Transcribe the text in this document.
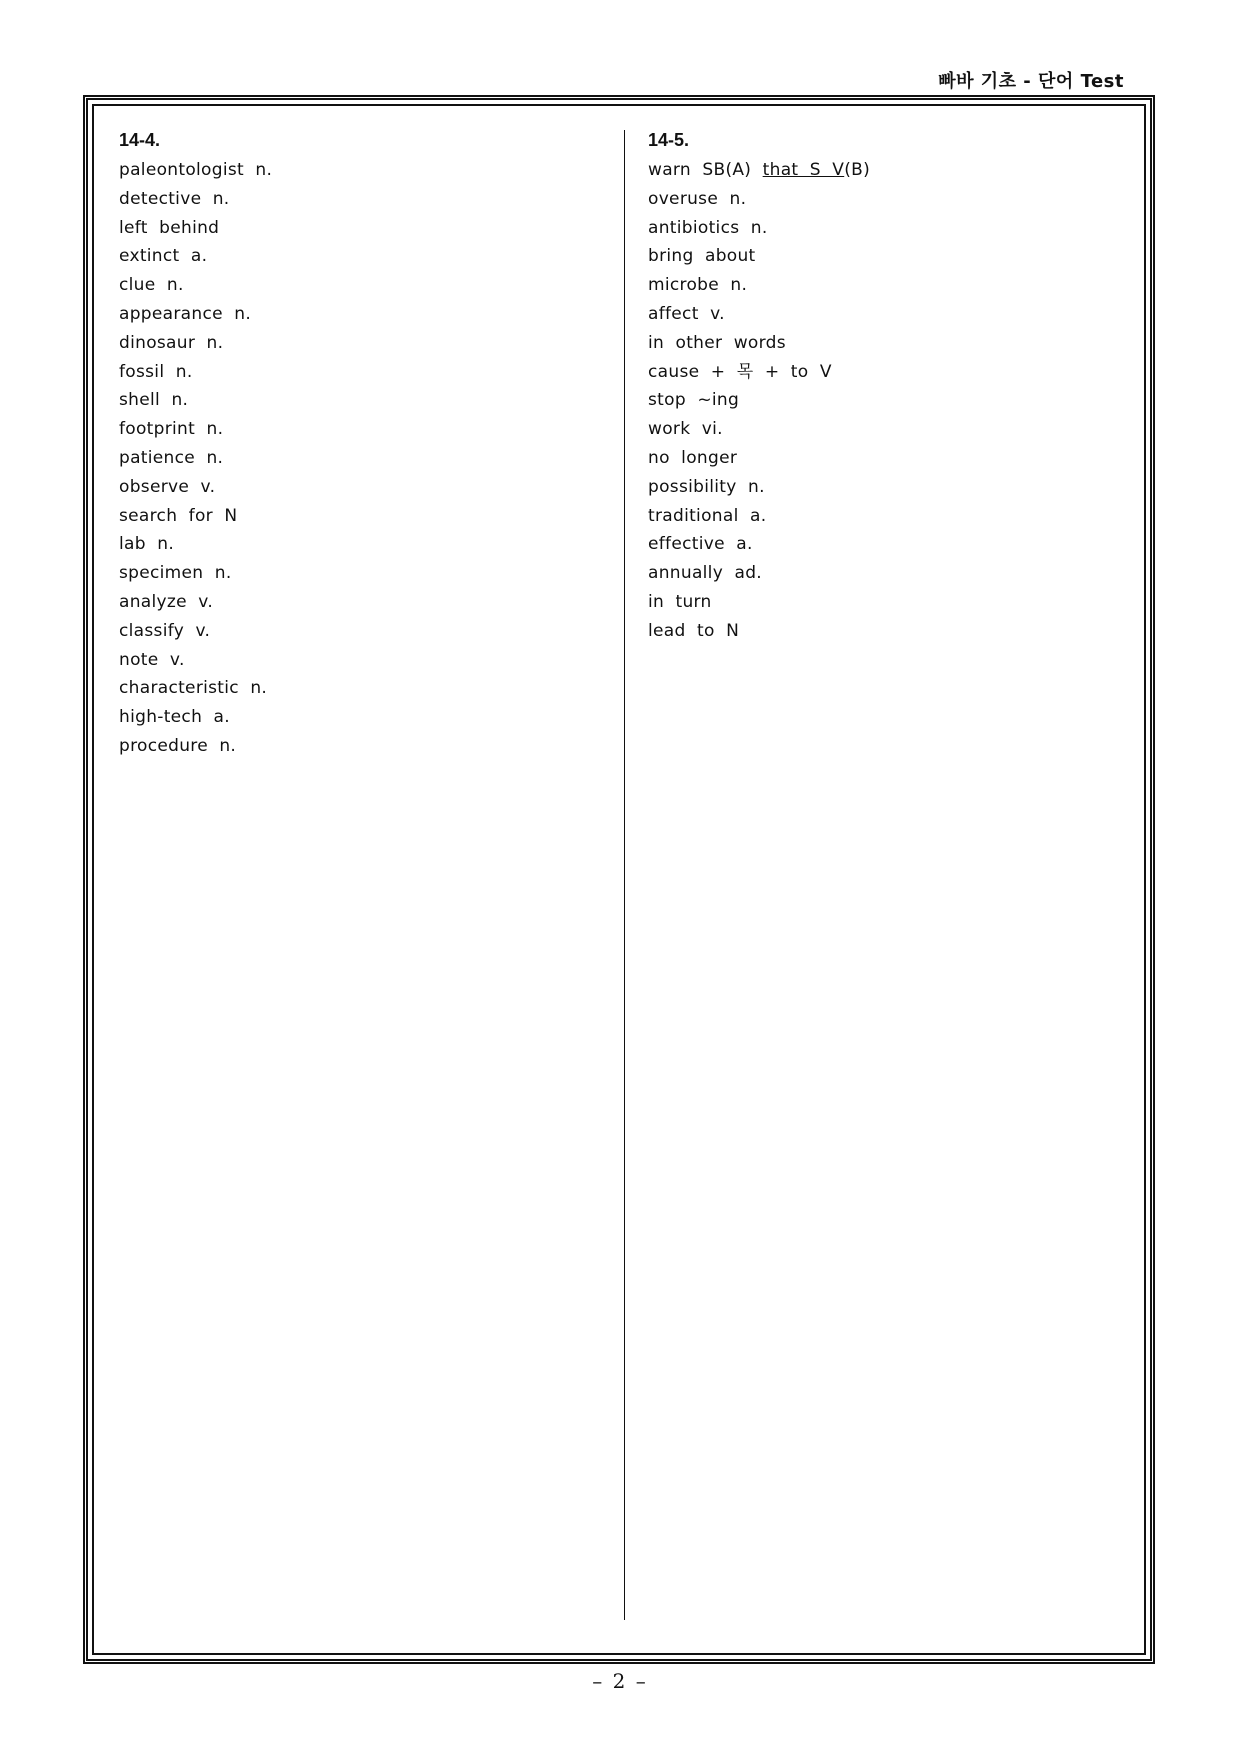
빠바 기초 - 단어 Test
14-4.
paleontologist  n.
detective  n.
left  behind
extinct  a.
clue  n.
appearance  n.
dinosaur  n.
fossil  n.
shell  n.
footprint  n.
patience  n.
observe  v.
search  for  N
lab  n.
specimen  n.
analyze  v.
classify  v.
note  v.
characteristic  n.
high-tech  a.
procedure  n.
14-5.
warn  SB(A)  that  S  V(B)
overuse  n.
antibiotics  n.
bring  about
microbe  n.
affect  v.
in  other  words
cause  +  목  +  to  V
stop  ~ing
work  vi.
no  longer
possibility  n.
traditional  a.
effective  a.
annually  ad.
in  turn
lead  to  N
– 2 –
